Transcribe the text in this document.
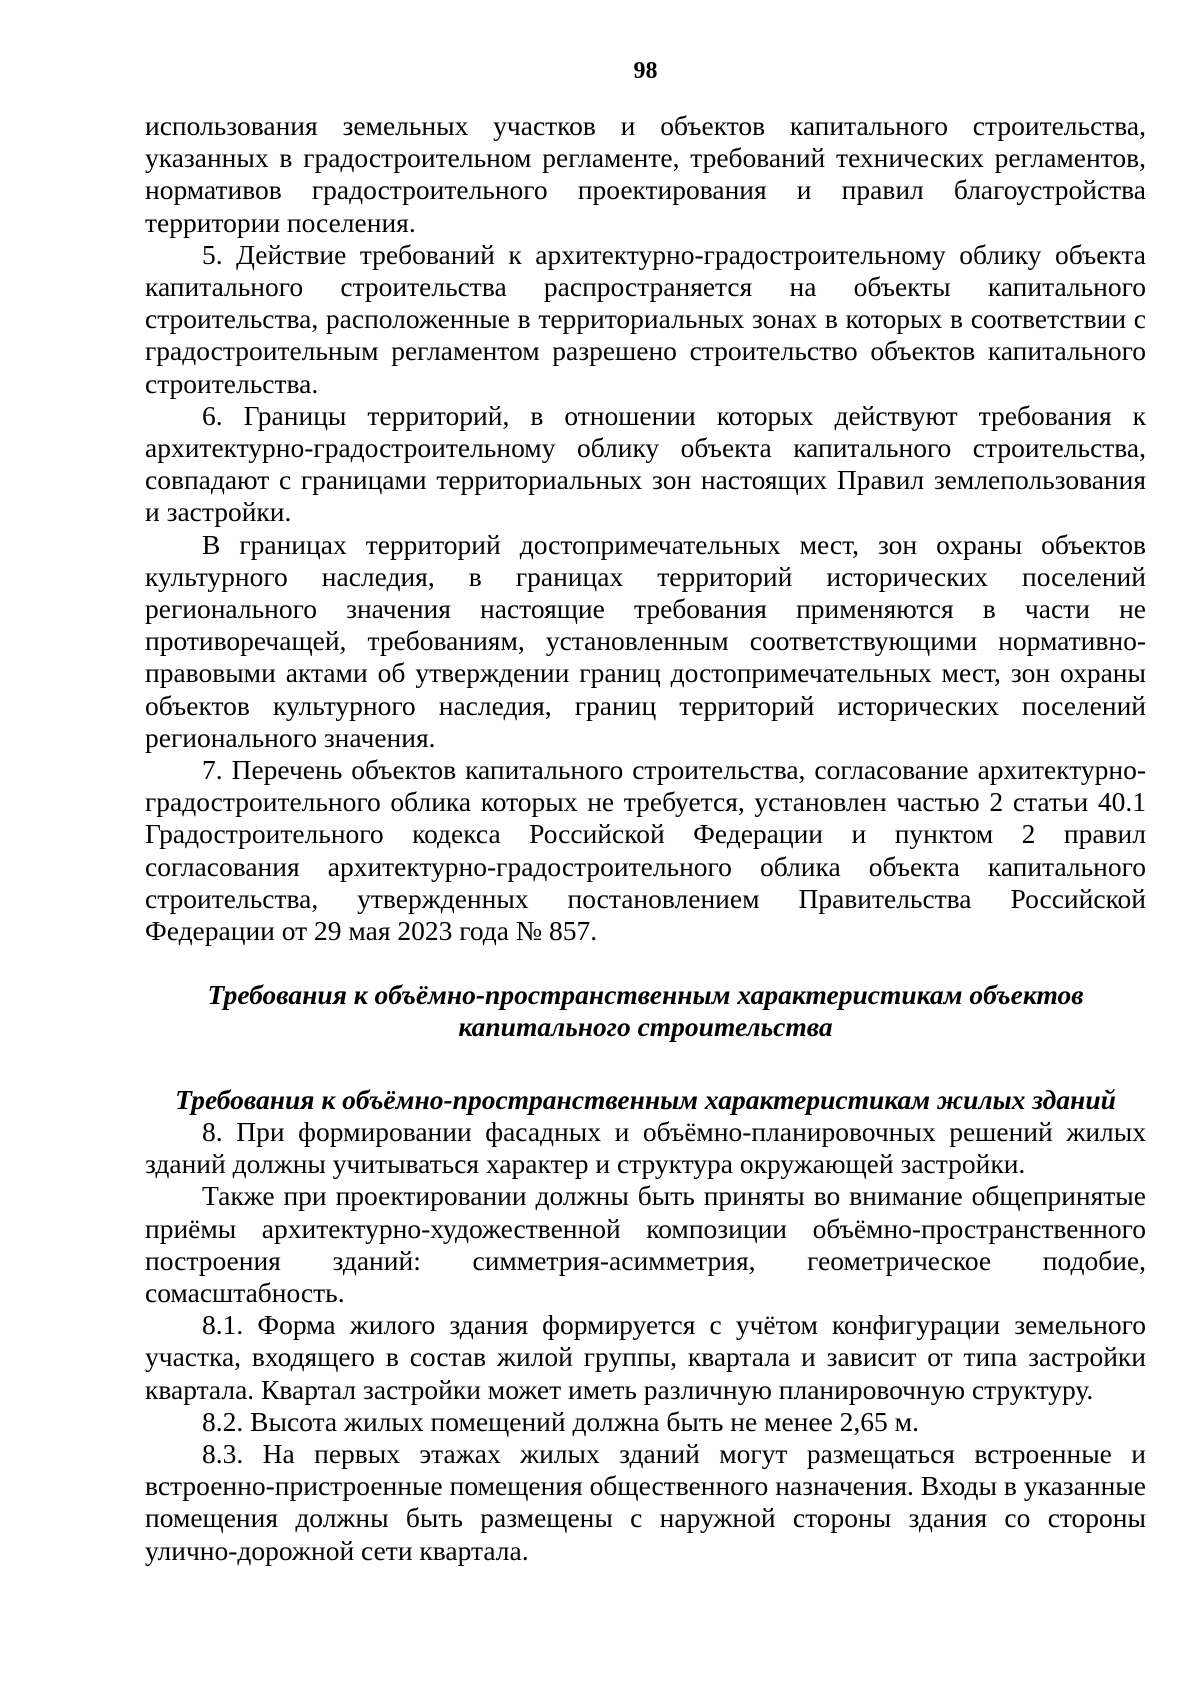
98

использования земельных участков и объектов капитального строительства, указанных в градостроительном регламенте, требований технических регламентов, нормативов градостроительного проектирования и правил благоустройства территории поселения.

5. Действие требований к архитектурно-градостроительному облику объекта капитального строительства распространяется на объекты капитального строительства, расположенные в территориальных зонах в которых в соответствии с градостроительным регламентом разрешено строительство объектов капитального строительства.

6. Границы территорий, в отношении которых действуют требования к архитектурно-градостроительному облику объекта капитального строительства, совпадают с границами территориальных зон настоящих Правил землепользования и застройки.

В границах территорий достопримечательных мест, зон охраны объектов культурного наследия, в границах территорий исторических поселений регионального значения настоящие требования применяются в части не противоречащей, требованиям, установленным соответствующими нормативно-правовыми актами об утверждении границ достопримечательных мест, зон охраны объектов культурного наследия, границ территорий исторических поселений регионального значения.

7. Перечень объектов капитального строительства, согласование архитектурно-градостроительного облика которых не требуется, установлен частью 2 статьи 40.1 Градостроительного кодекса Российской Федерации и пунктом 2 правил согласования архитектурно-градостроительного облика объекта капитального строительства, утвержденных постановлением Правительства Российской Федерации от 29 мая 2023 года № 857.

Требования к объёмно-пространственным характеристикам объектов капитального строительства
Требования к объёмно-пространственным характеристикам жилых зданий

8. При формировании фасадных и объёмно-планировочных решений жилых зданий должны учитываться характер и структура окружающей застройки.

Также при проектировании должны быть приняты во внимание общепринятые приёмы архитектурно-художественной композиции объёмно-пространственного построения зданий: симметрия-асимметрия, геометрическое подобие, сомасштабность.

8.1. Форма жилого здания формируется с учётом конфигурации земельного участка, входящего в состав жилой группы, квартала и зависит от типа застройки квартала. Квартал застройки может иметь различную планировочную структуру.

8.2. Высота жилых помещений должна быть не менее 2,65 м.

8.3. На первых этажах жилых зданий могут размещаться встроенные и встроенно-пристроенные помещения общественного назначения. Входы в указанные помещения должны быть размещены с наружной стороны здания со стороны улично-дорожной сети квартала.
